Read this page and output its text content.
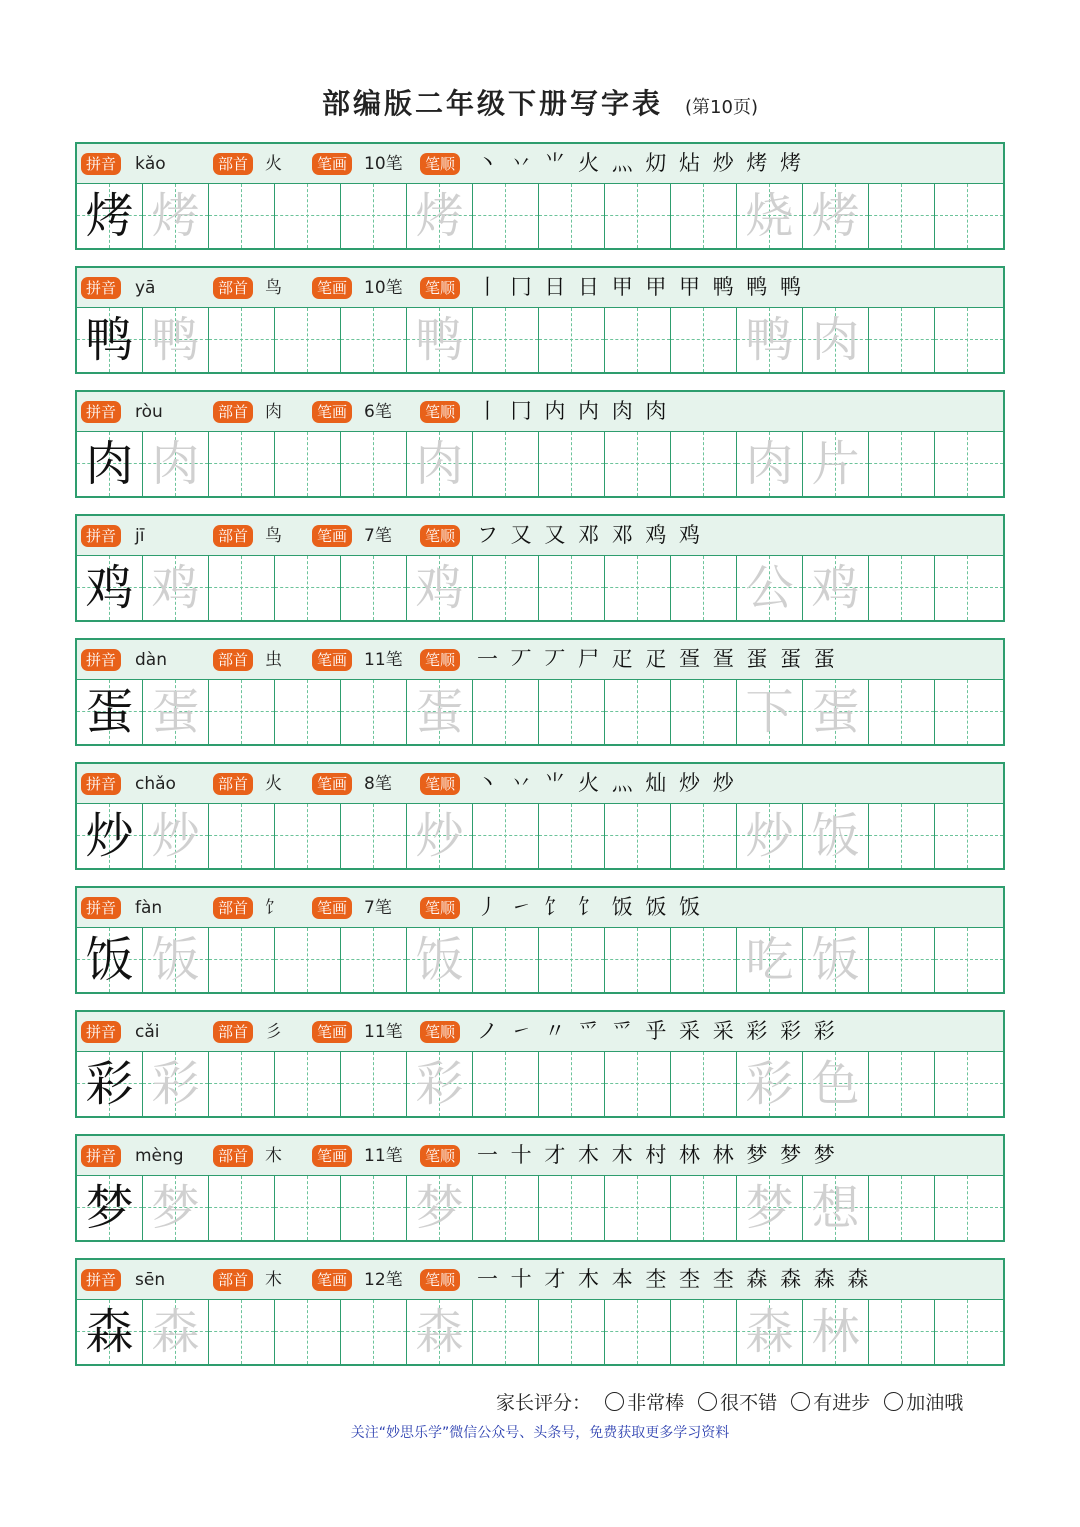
部编版二年级下册写字表 (第10页)
拼音 kǎo	部首 火	笔画 10笔	笔顺 丶 丷 ⺌ 火 灬 灱 炶 炒 烤 烤
烤 烤	烤	烧 烤
拼音 yā	部首 鸟	笔画 10笔	笔顺 丨 冂 日 日 甲 甲 甲 鸭 鸭 鸭
鸭 鸭	鸭	鸭 肉
拼音 ròu	部首 肉	笔画 6笔	笔顺 丨 冂 内 内 肉 肉
肉 肉	肉	肉 片
拼音 jī	部首 鸟	笔画 7笔	笔顺 フ 又 又 邓 邓 鸡 鸡
鸡 鸡	鸡	公 鸡
拼音 dàn	部首 虫	笔画 11笔	笔顺 一 丆 丆 尸 疋 疋 疍 疍 蛋 蛋 蛋
蛋 蛋	蛋	下 蛋
拼音 chǎo	部首 火	笔画 8笔	笔顺 丶 丷 ⺌ 火 灬 灿 炒 炒
炒 炒	炒	炒 饭
拼音 fàn	部首 饣	笔画 7笔	笔顺 丿 ㇀ 饣 饣 饭 饭 饭
饭 饭	饭	吃 饭
拼音 cǎi	部首 彡	笔画 11笔	笔顺 ノ ㇀ 〃 爫 爫 乎 采 采 彩 彩 彩
彩 彩	彩	彩 色
拼音 mèng	部首 木	笔画 11笔	笔顺 一 十 才 木 木 村 林 林 梦 梦 梦
梦 梦	梦	梦 想
拼音 sēn	部首 木	笔画 12笔	笔顺 一 十 才 木 本 杢 杢 杢 森 森 森 森
森 森	森	森 林
家长评分： 非常棒 很不错 有进步 加油哦
关注“妙思乐学”微信公众号、头条号，免费获取更多学习资料
